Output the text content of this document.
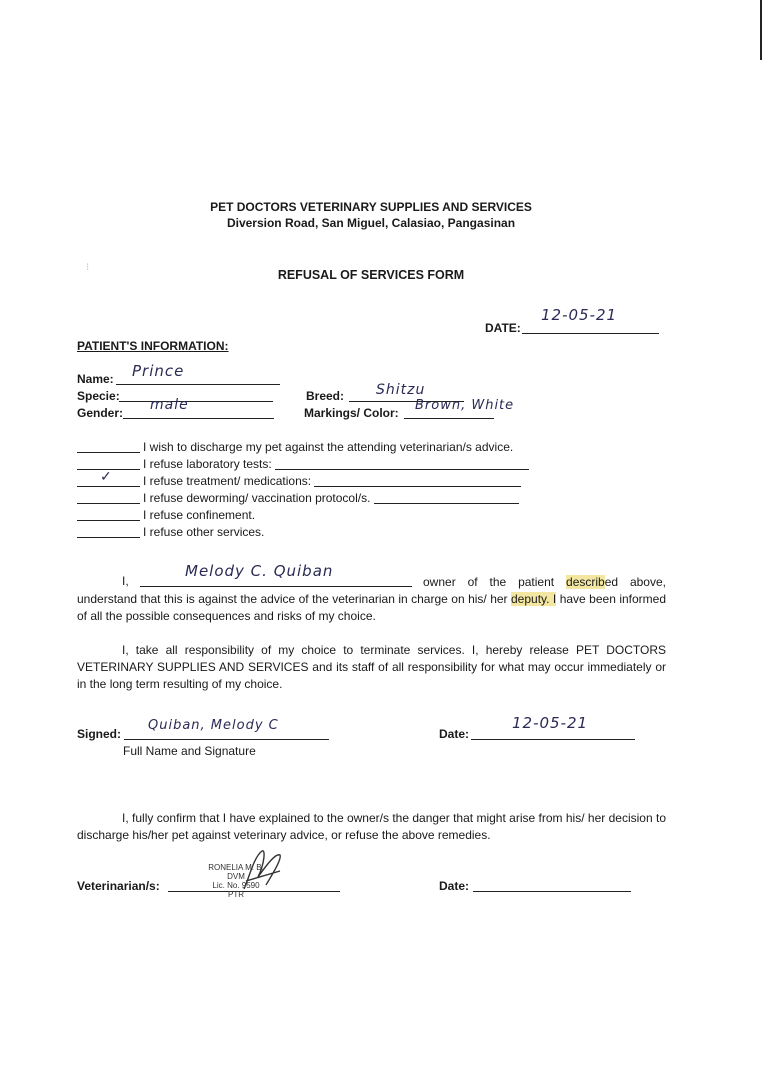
PET DOCTORS VETERINARY SUPPLIES AND SERVICES
Diversion Road, San Miguel, Calasiao, Pangasinan
REFUSAL OF SERVICES FORM
⁝
DATE:
12-05-21
PATIENT'S INFORMATION:
Name: Prince
Specie:
Gender: male
Breed: Shitzu
Markings/ Color: Brown, White
I wish to discharge my pet against the attending veterinarian/s advice.
I refuse laboratory tests:
I refuse treatment/ medications:
✓
I refuse deworming/ vaccination protocol/s.
I refuse confinement.
I refuse other services.
I,
Melody C. Quiban
owner of the patient described above, understand that this is against the advice of the veterinarian in charge on his/ her deputy. I have been informed of all the possible consequences and risks of my choice.
I, take all responsibility of my choice to terminate services. I, hereby release PET DOCTORS VETERINARY SUPPLIES AND SERVICES and its staff of all responsibility for what may occur immediately or in the long term resulting of my choice.
Signed:
Quiban, Melody C
Full Name and Signature
Date:
12-05-21
I, fully confirm that I have explained to the owner/s the danger that might arise from his/ her decision to discharge his/her pet against veterinary advice, or refuse the above remedies.
Veterinarian/s:
RONELIA M. B. DVM
Lic. No. 9590
PTR
Date:
